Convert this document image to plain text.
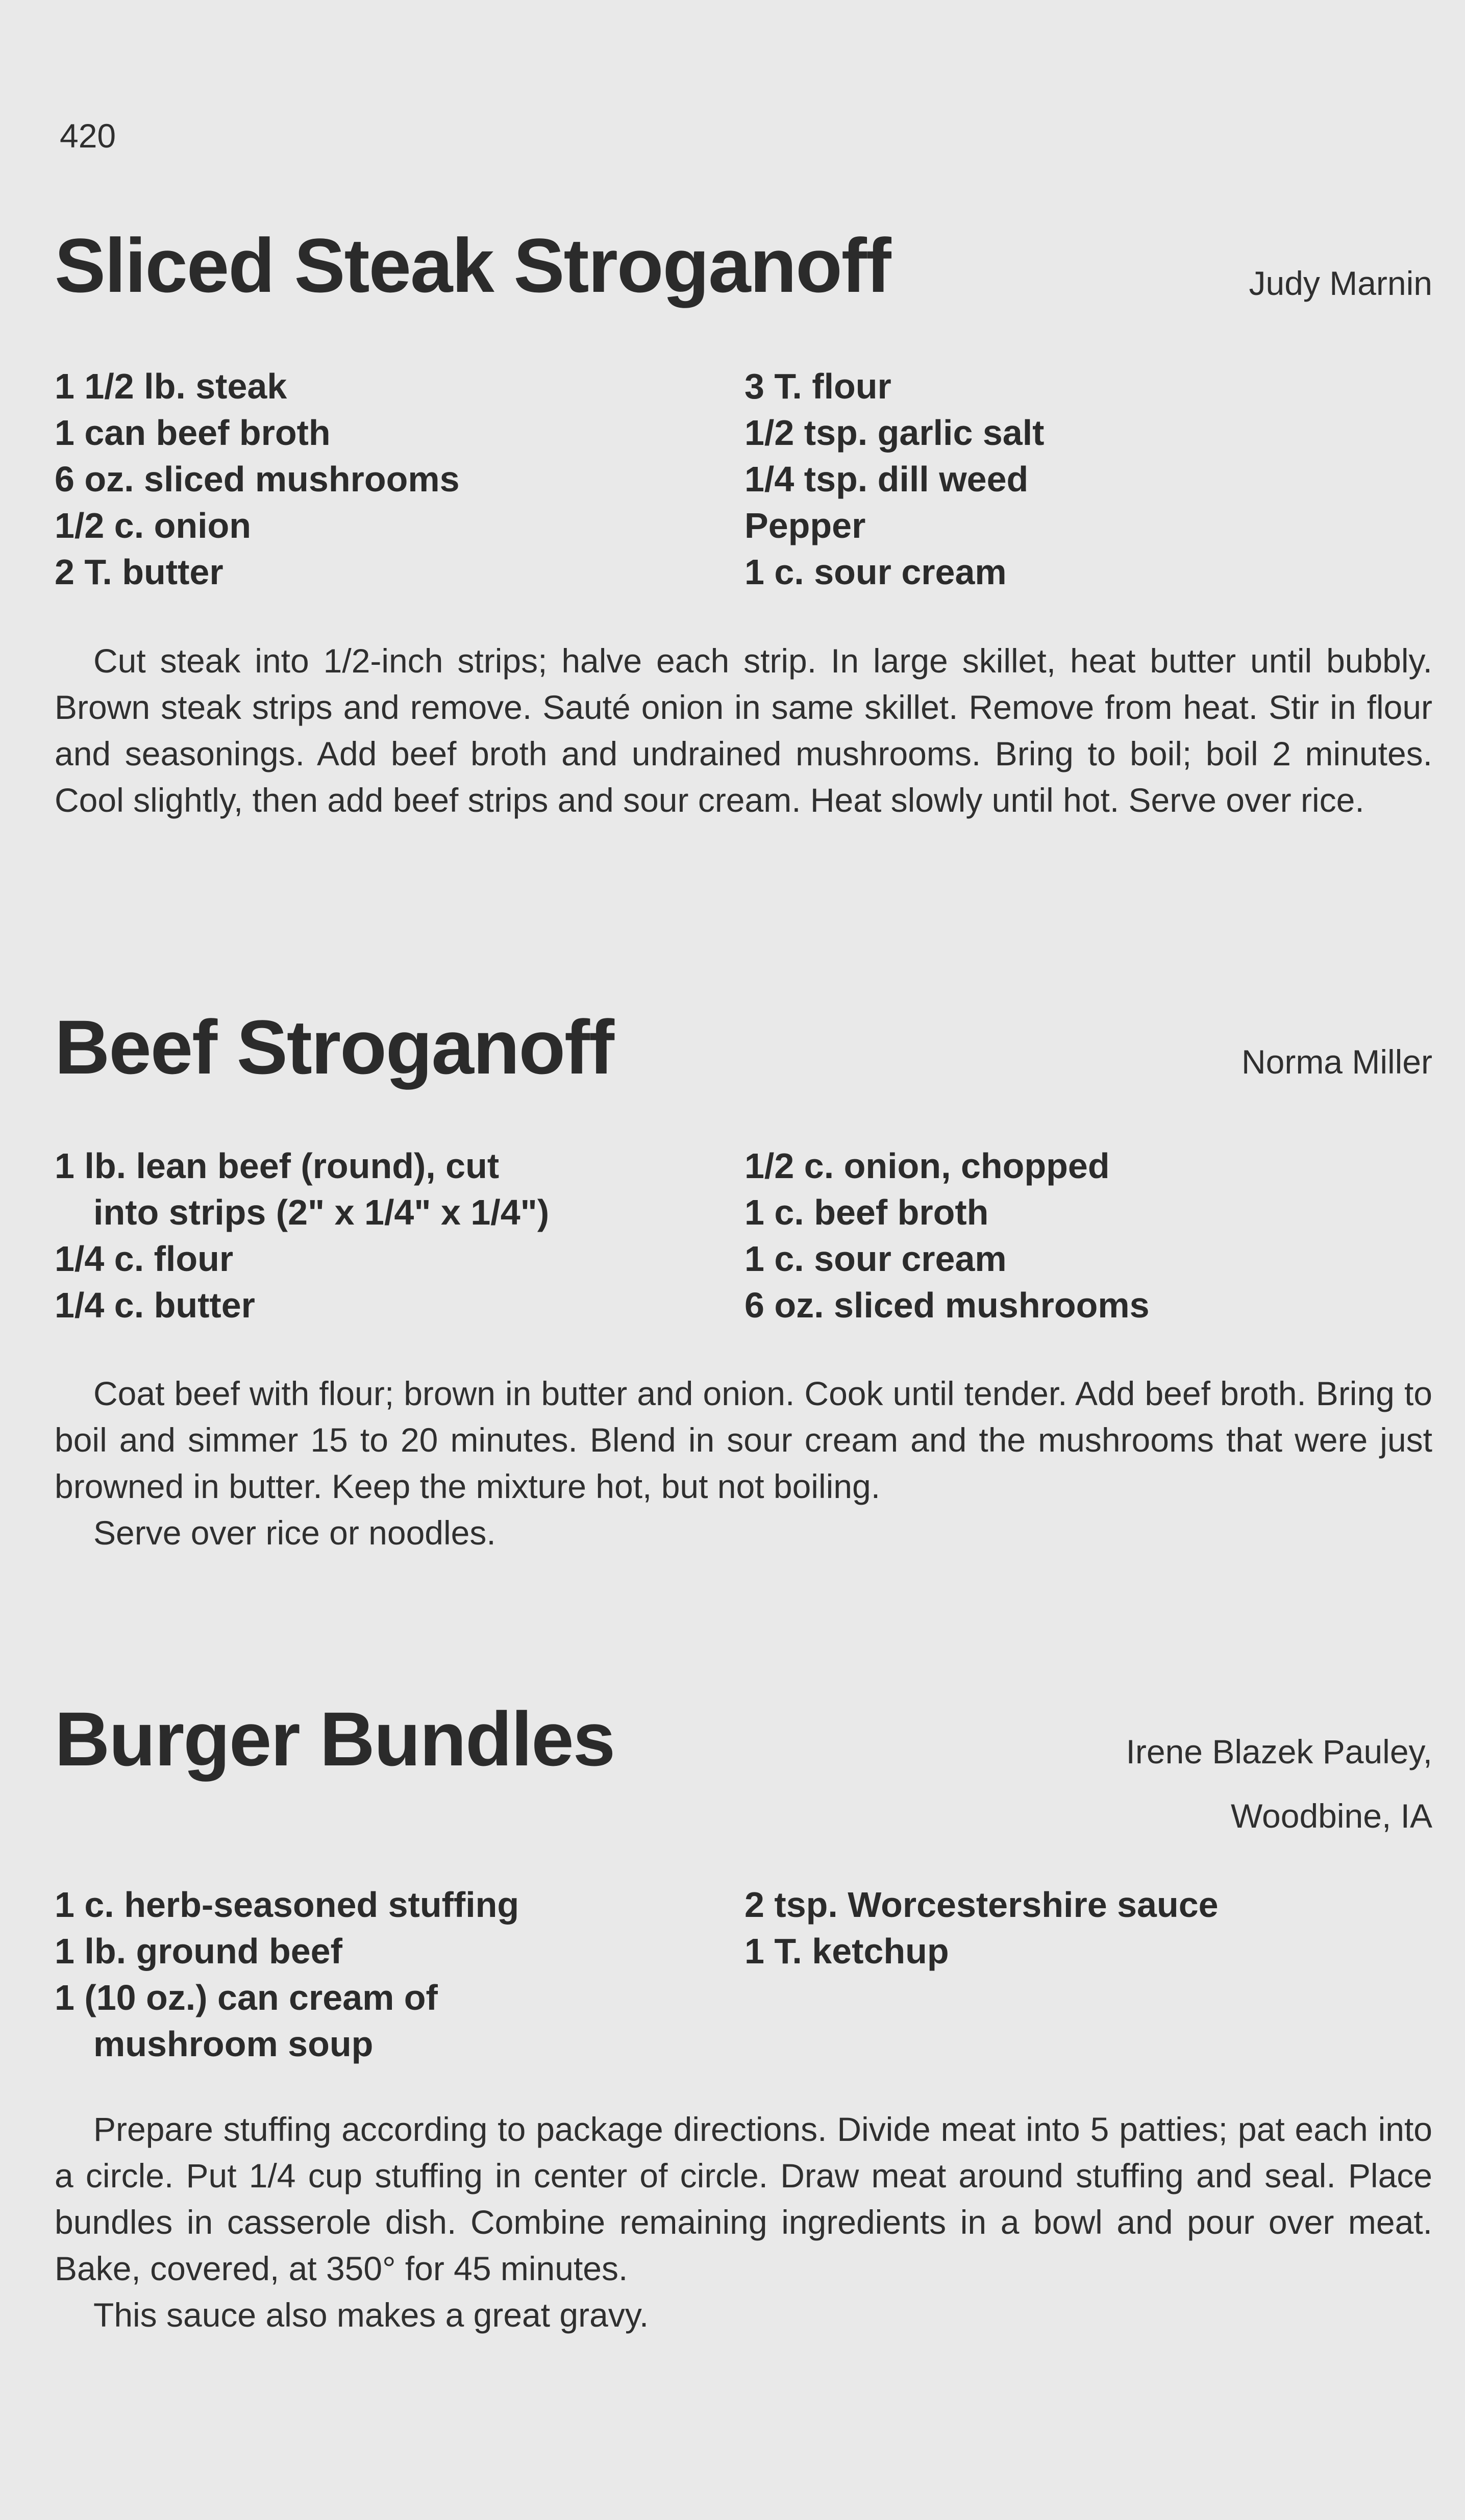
420
Sliced Steak Stroganoff	Judy Marnin
1 1/2 lb. steak
1 can beef broth
6 oz. sliced mushrooms
1/2 c. onion
2 T. butter
3 T. flour
1/2 tsp. garlic salt
1/4 tsp. dill weed
Pepper
1 c. sour cream

Cut steak into 1/2-inch strips; halve each strip. In large skillet, heat butter until bubbly. Brown steak strips and remove. Sauté onion in same skillet. Remove from heat. Stir in flour and seasonings. Add beef broth and undrained mushrooms. Bring to boil; boil 2 minutes. Cool slightly, then add beef strips and sour cream. Heat slowly until hot. Serve over rice.

Beef Stroganoff	Norma Miller
1 lb. lean beef (round), cut
into strips (2" x 1/4" x 1/4")
1/4 c. flour
1/4 c. butter
1/2 c. onion, chopped
1 c. beef broth
1 c. sour cream
6 oz. sliced mushrooms

Coat beef with flour; brown in butter and onion. Cook until tender. Add beef broth. Bring to boil and simmer 15 to 20 minutes. Blend in sour cream and the mushrooms that were just browned in butter. Keep the mixture hot, but not boiling.

Serve over rice or noodles.

Burger Bundles	Irene Blazek Pauley,
Woodbine, IA
1 c. herb-seasoned stuffing
1 lb. ground beef
1 (10 oz.) can cream of
mushroom soup
2 tsp. Worcestershire sauce
1 T. ketchup

Prepare stuffing according to package directions. Divide meat into 5 patties; pat each into a circle. Put 1/4 cup stuffing in center of circle. Draw meat around stuffing and seal. Place bundles in casserole dish. Combine remaining ingredients in a bowl and pour over meat. Bake, covered, at 350° for 45 minutes.

This sauce also makes a great gravy.
